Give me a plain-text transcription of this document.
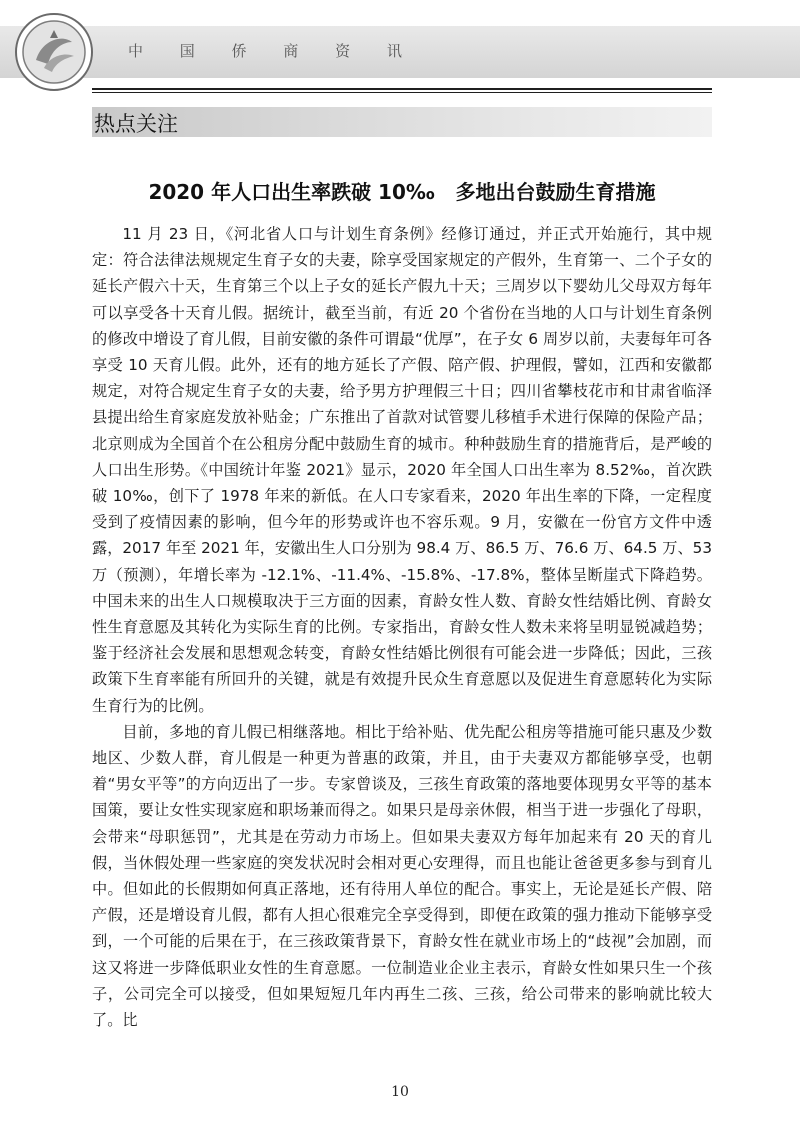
中 国 侨 商 资 讯
热点关注
2020 年人口出生率跌破 10‰   多地出台鼓励生育措施

11 月 23 日，《河北省人口与计划生育条例》经修订通过，并正式开始施行，其中规定：符合法律法规规定生育子女的夫妻，除享受国家规定的产假外，生育第一、二个子女的延长产假六十天，生育第三个以上子女的延长产假九十天；三周岁以下婴幼儿父母双方每年可以享受各十天育儿假。据统计，截至当前，有近 20 个省份在当地的人口与计划生育条例的修改中增设了育儿假，目前安徽的条件可谓最“优厚”，在子女 6 周岁以前，夫妻每年可各享受 10 天育儿假。此外，还有的地方延长了产假、陪产假、护理假，譬如，江西和安徽都规定，对符合规定生育子女的夫妻，给予男方护理假三十日；四川省攀枝花市和甘肃省临泽县提出给生育家庭发放补贴金；广东推出了首款对试管婴儿移植手术进行保障的保险产品；北京则成为全国首个在公租房分配中鼓励生育的城市。种种鼓励生育的措施背后，是严峻的人口出生形势。《中国统计年鉴 2021》显示，2020 年全国人口出生率为 8.52‰，首次跌破 10‰，创下了 1978 年来的新低。在人口专家看来，2020 年出生率的下降，一定程度受到了疫情因素的影响，但今年的形势或许也不容乐观。9 月，安徽在一份官方文件中透露，2017 年至 2021 年，安徽出生人口分别为 98.4 万、86.5 万、76.6 万、64.5 万、53 万（预测），年增长率为 -12.1%、-11.4%、-15.8%、-17.8%，整体呈断崖式下降趋势。中国未来的出生人口规模取决于三方面的因素，育龄女性人数、育龄女性结婚比例、育龄女性生育意愿及其转化为实际生育的比例。专家指出，育龄女性人数未来将呈明显锐减趋势；鉴于经济社会发展和思想观念转变，育龄女性结婚比例很有可能会进一步降低；因此，三孩政策下生育率能有所回升的关键，就是有效提升民众生育意愿以及促进生育意愿转化为实际生育行为的比例。

目前，多地的育儿假已相继落地。相比于给补贴、优先配公租房等措施可能只惠及少数地区、少数人群，育儿假是一种更为普惠的政策，并且，由于夫妻双方都能够享受，也朝着“男女平等”的方向迈出了一步。专家曾谈及，三孩生育政策的落地要体现男女平等的基本国策，要让女性实现家庭和职场兼而得之。如果只是母亲休假，相当于进一步强化了母职，会带来“母职惩罚”，尤其是在劳动力市场上。但如果夫妻双方每年加起来有 20 天的育儿假，当休假处理一些家庭的突发状况时会相对更心安理得，而且也能让爸爸更多参与到育儿中。但如此的长假期如何真正落地，还有待用人单位的配合。事实上，无论是延长产假、陪产假，还是增设育儿假，都有人担心很难完全享受得到，即便在政策的强力推动下能够享受到，一个可能的后果在于，在三孩政策背景下，育龄女性在就业市场上的“歧视”会加剧，而这又将进一步降低职业女性的生育意愿。一位制造业企业主表示，育龄女性如果只生一个孩子，公司完全可以接受，但如果短短几年内再生二孩、三孩，给公司带来的影响就比较大了。比

10
